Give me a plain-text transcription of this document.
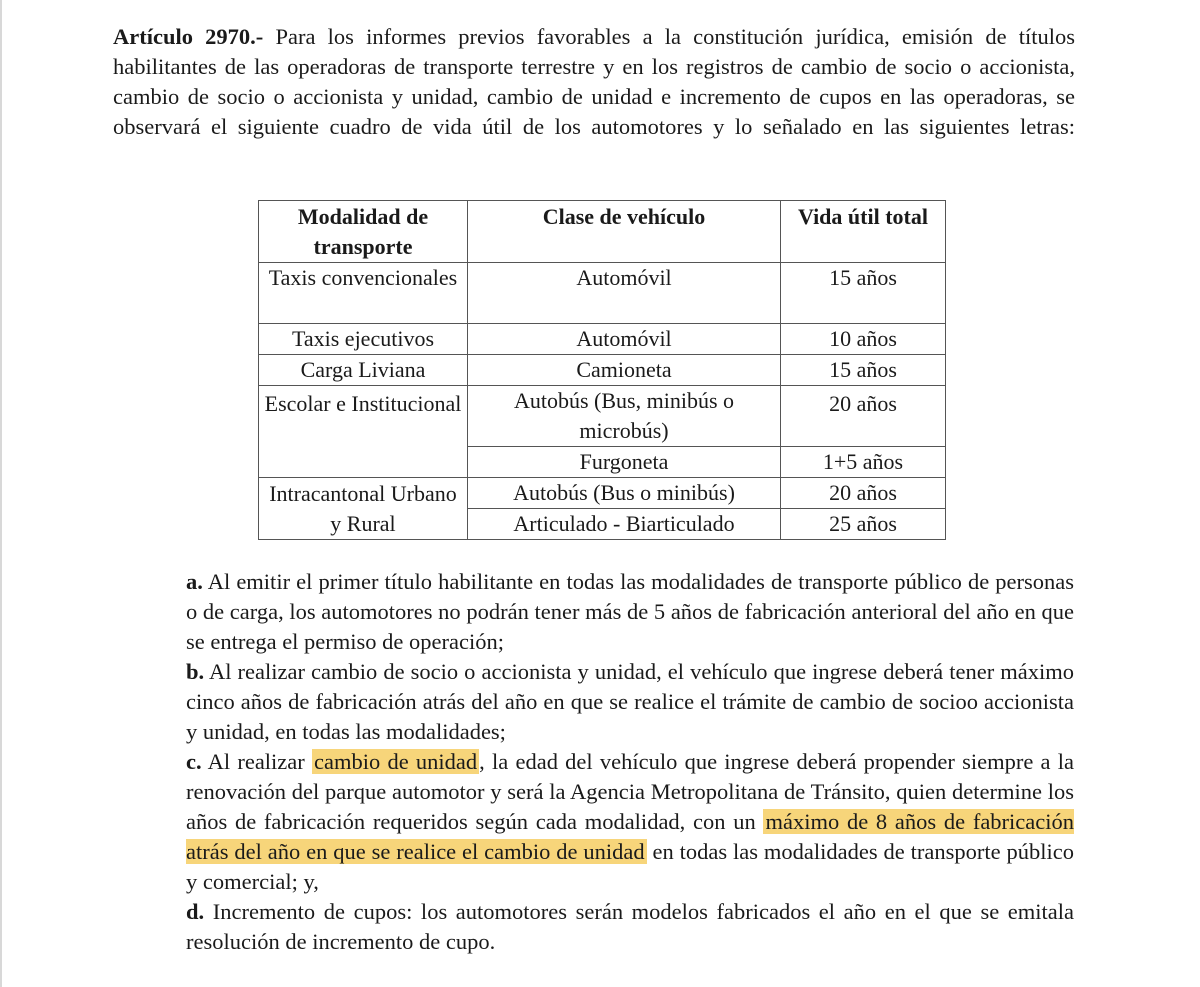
Artículo 2970.- Para los informes previos favorables a la constitución jurídica, emisión de títulos habilitantes de las operadoras de transporte terrestre y en los registros de cambio de socio o accionista, cambio de socio o accionista y unidad, cambio de unidad e incremento de cupos en las operadoras, se observará el siguiente cuadro de vida útil de los automotores y lo señalado en las siguientes letras:

Modalidad de transporte	Clase de vehículo	Vida útil total
Taxis convencionales	Automóvil	15 años
Taxis ejecutivos	Automóvil	10 años
Carga Liviana	Camioneta	15 años
Escolar e Institucional	Autobús (Bus, minibús o microbús)	20 años
	Furgoneta	1+5 años
Intracantonal Urbano y Rural	Autobús (Bus o minibús)	20 años
	Articulado - Biarticulado	25 años

a. Al emitir el primer título habilitante en todas las modalidades de transporte público de personas o de carga, los automotores no podrán tener más de 5 años de fabricación anterioral del año en que se entrega el permiso de operación;

b. Al realizar cambio de socio o accionista y unidad, el vehículo que ingrese deberá tener máximo cinco años de fabricación atrás del año en que se realice el trámite de cambio de socioo accionista y unidad, en todas las modalidades;

c. Al realizar cambio de unidad, la edad del vehículo que ingrese deberá propender siempre a la renovación del parque automotor y será la Agencia Metropolitana de Tránsito, quien determine los años de fabricación requeridos según cada modalidad, con un máximo de 8 años de fabricación atrás del año en que se realice el cambio de unidad en todas las modalidades de transporte público y comercial; y,

d. Incremento de cupos: los automotores serán modelos fabricados el año en el que se emitala resolución de incremento de cupo.
